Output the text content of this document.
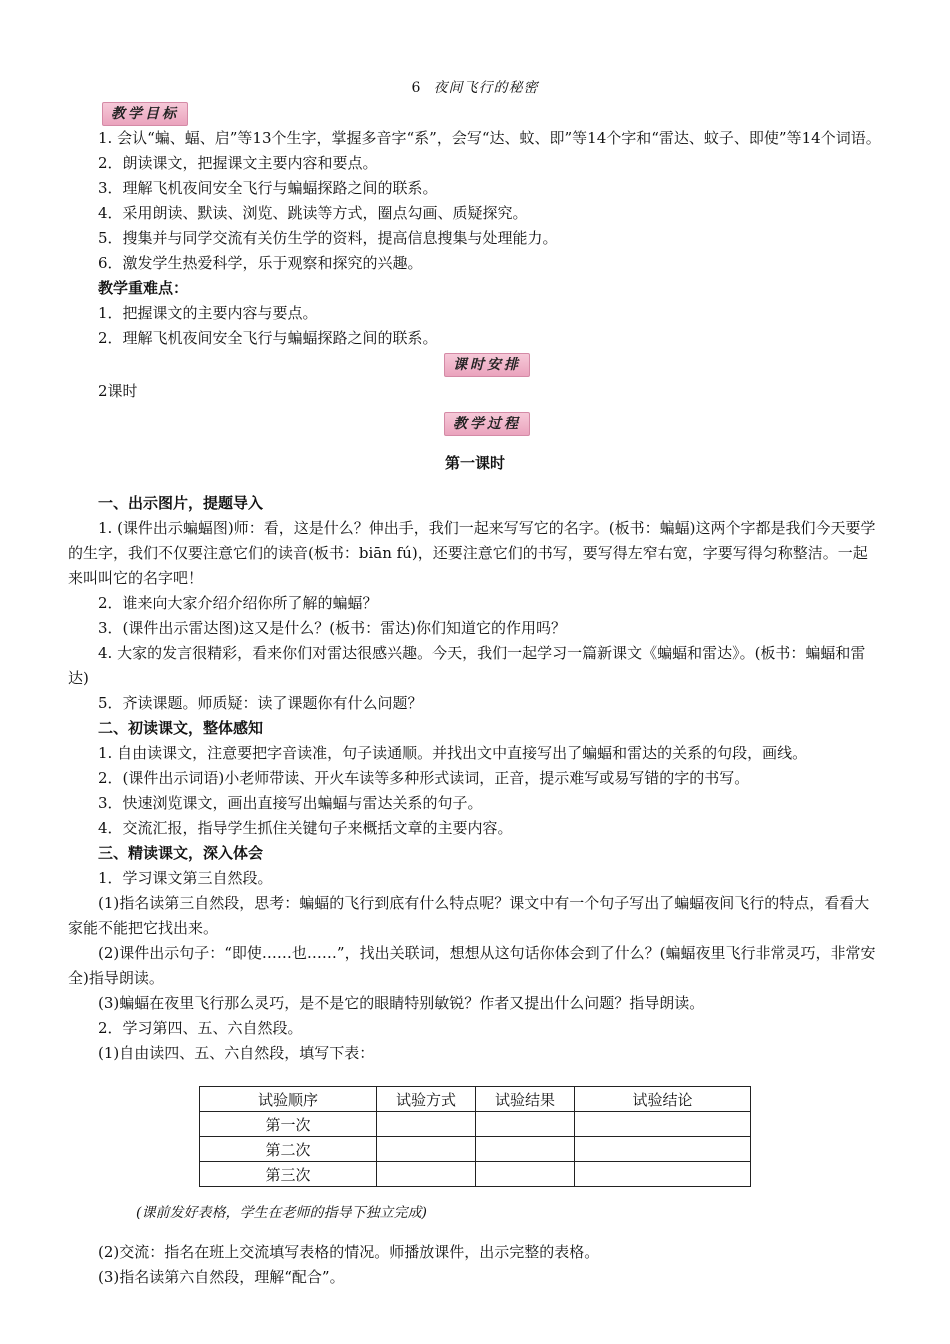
6 夜间飞行的秘密
教学目标

1. 会认“蝙、蝠、启”等13个生字，掌握多音字“系”，会写“达、蚊、即”等14个字和“雷达、蚊子、即使”等14个词语。

2．朗读课文，把握课文主要内容和要点。

3．理解飞机夜间安全飞行与蝙蝠探路之间的联系。

4．采用朗读、默读、浏览、跳读等方式，圈点勾画、质疑探究。

5．搜集并与同学交流有关仿生学的资料，提高信息搜集与处理能力。

6．激发学生热爱科学，乐于观察和探究的兴趣。

教学重难点：

1．把握课文的主要内容与要点。

2．理解飞机夜间安全飞行与蝙蝠探路之间的联系。

课时安排

2课时

教学过程

第一课时

一、出示图片，提题导入

1. (课件出示蝙蝠图)师：看，这是什么？伸出手，我们一起来写写它的名字。(板书：蝙蝠)这两个字都是我们今天要学的生字，我们不仅要注意它们的读音(板书：biān fú)，还要注意它们的书写，要写得左窄右宽，字要写得匀称整洁。一起来叫叫它的名字吧！

2．谁来向大家介绍介绍你所了解的蝙蝠？

3．(课件出示雷达图)这又是什么？(板书：雷达)你们知道它的作用吗？

4. 大家的发言很精彩，看来你们对雷达很感兴趣。今天，我们一起学习一篇新课文《蝙蝠和雷达》。(板书：蝙蝠和雷达)

5．齐读课题。师质疑：读了课题你有什么问题？

二、初读课文，整体感知

1. 自由读课文，注意要把字音读准，句子读通顺。并找出文中直接写出了蝙蝠和雷达的关系的句段，画线。

2．(课件出示词语)小老师带读、开火车读等多种形式读词，正音，提示难写或易写错的字的书写。

3．快速浏览课文，画出直接写出蝙蝠与雷达关系的句子。

4．交流汇报，指导学生抓住关键句子来概括文章的主要内容。

三、精读课文，深入体会

1．学习课文第三自然段。

(1)指名读第三自然段，思考：蝙蝠的飞行到底有什么特点呢？课文中有一个句子写出了蝙蝠夜间飞行的特点，看看大家能不能把它找出来。

(2)课件出示句子：“即使……也……”，找出关联词，想想从这句话你体会到了什么？(蝙蝠夜里飞行非常灵巧，非常安全)指导朗读。

(3)蝙蝠在夜里飞行那么灵巧，是不是它的眼睛特别敏锐？作者又提出什么问题？指导朗读。

2．学习第四、五、六自然段。

(1)自由读四、五、六自然段，填写下表：

试验顺序	试验方式	试验结果	试验结论
第一次			
第二次			
第三次			

(课前发好表格，学生在老师的指导下独立完成)

(2)交流：指名在班上交流填写表格的情况。师播放课件，出示完整的表格。

(3)指名读第六自然段，理解“配合”。
